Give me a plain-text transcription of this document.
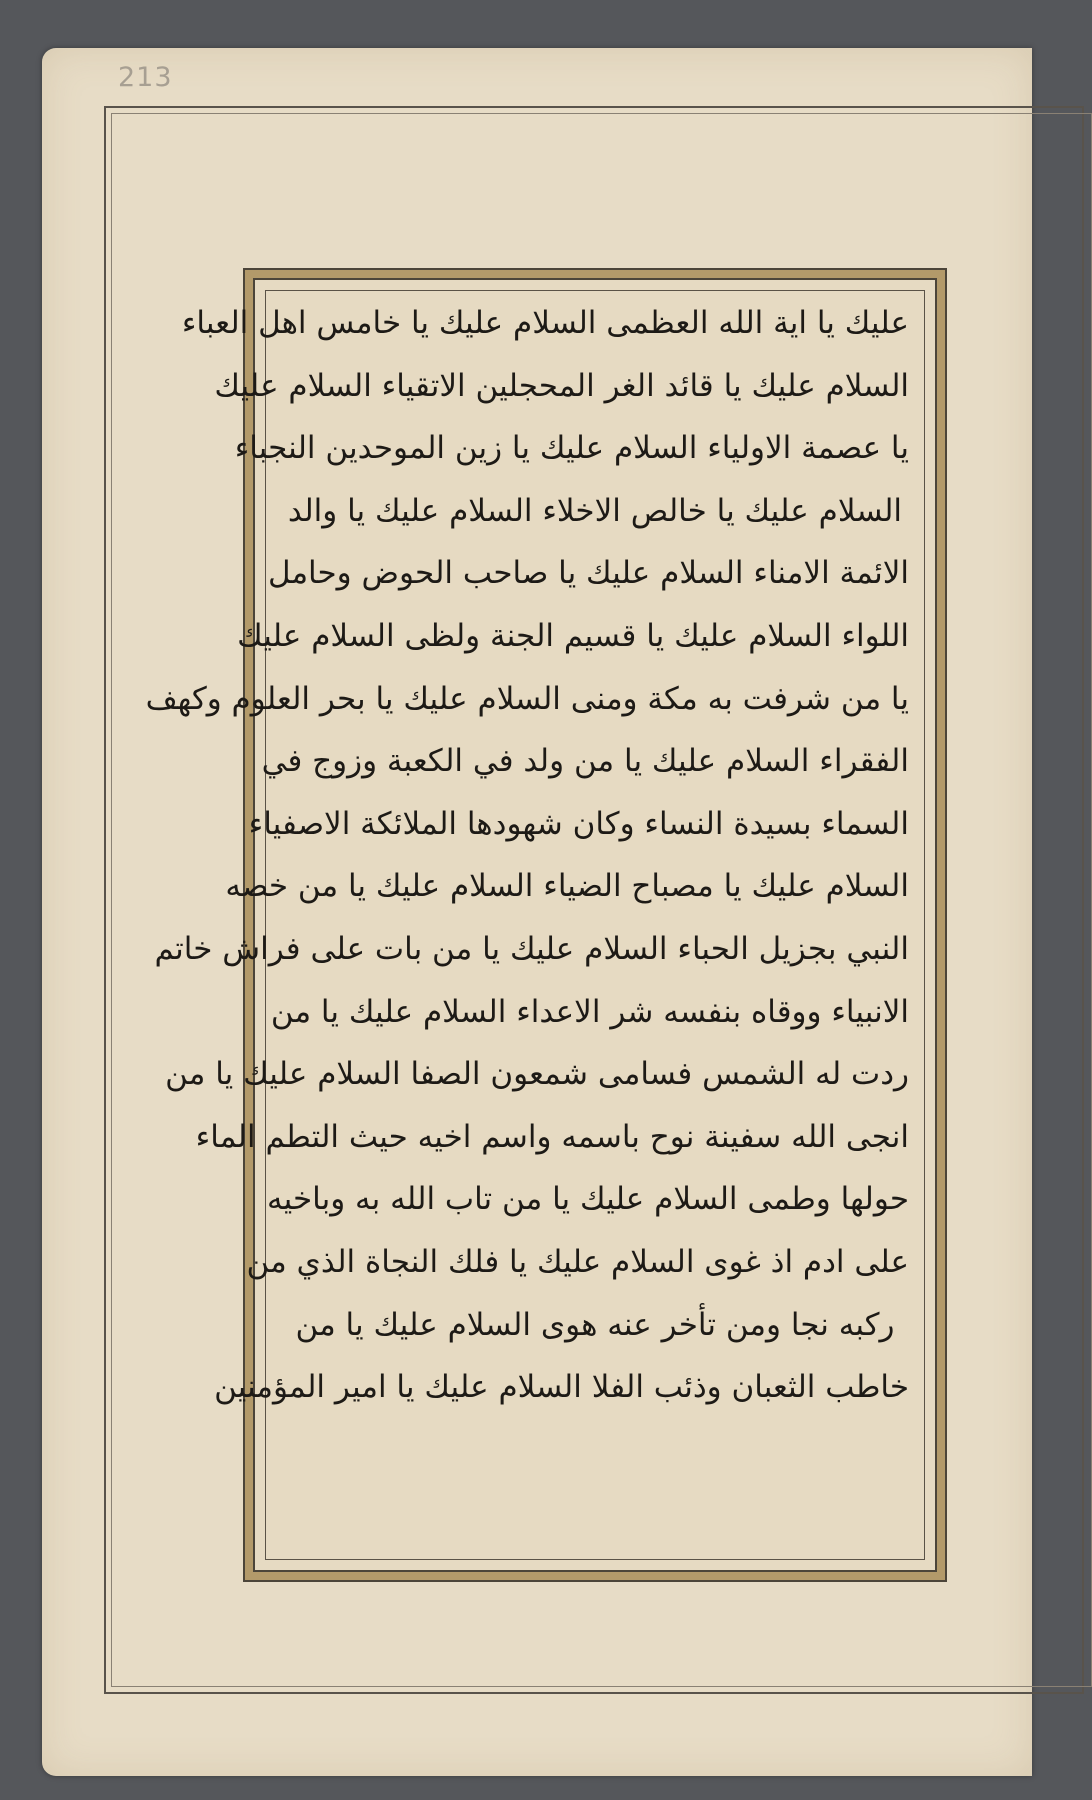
213
عليك يا اية الله العظمى السلام عليك يا خامس اهل العباء
السلام عليك يا قائد الغر المحجلين الاتقياء السلام عليك
يا عصمة الاولياء السلام عليك يا زين الموحدين النجباء
السلام عليك يا خالص الاخلاء السلام عليك يا والد
الائمة الامناء السلام عليك يا صاحب الحوض وحامل
اللواء السلام عليك يا قسيم الجنة ولظى السلام عليك
يا من شرفت به مكة ومنى السلام عليك يا بحر العلوم وكهف
الفقراء السلام عليك يا من ولد في الكعبة وزوج في
السماء بسيدة النساء وكان شهودها الملائكة الاصفياء
السلام عليك يا مصباح الضياء السلام عليك يا من خصه
النبي بجزيل الحباء السلام عليك يا من بات على فراش خاتم
الانبياء ووقاه بنفسه شر الاعداء السلام عليك يا من
ردت له الشمس فسامى شمعون الصفا السلام عليك يا من
انجى الله سفينة نوح باسمه واسم اخيه حيث التطم الماء
حولها وطمى السلام عليك يا من تاب الله به وباخيه
على ادم اذ غوى السلام عليك يا فلك النجاة الذي من
ركبه نجا ومن تأخر عنه هوى السلام عليك يا من
خاطب الثعبان وذئب الفلا السلام عليك يا امير المؤمنين
